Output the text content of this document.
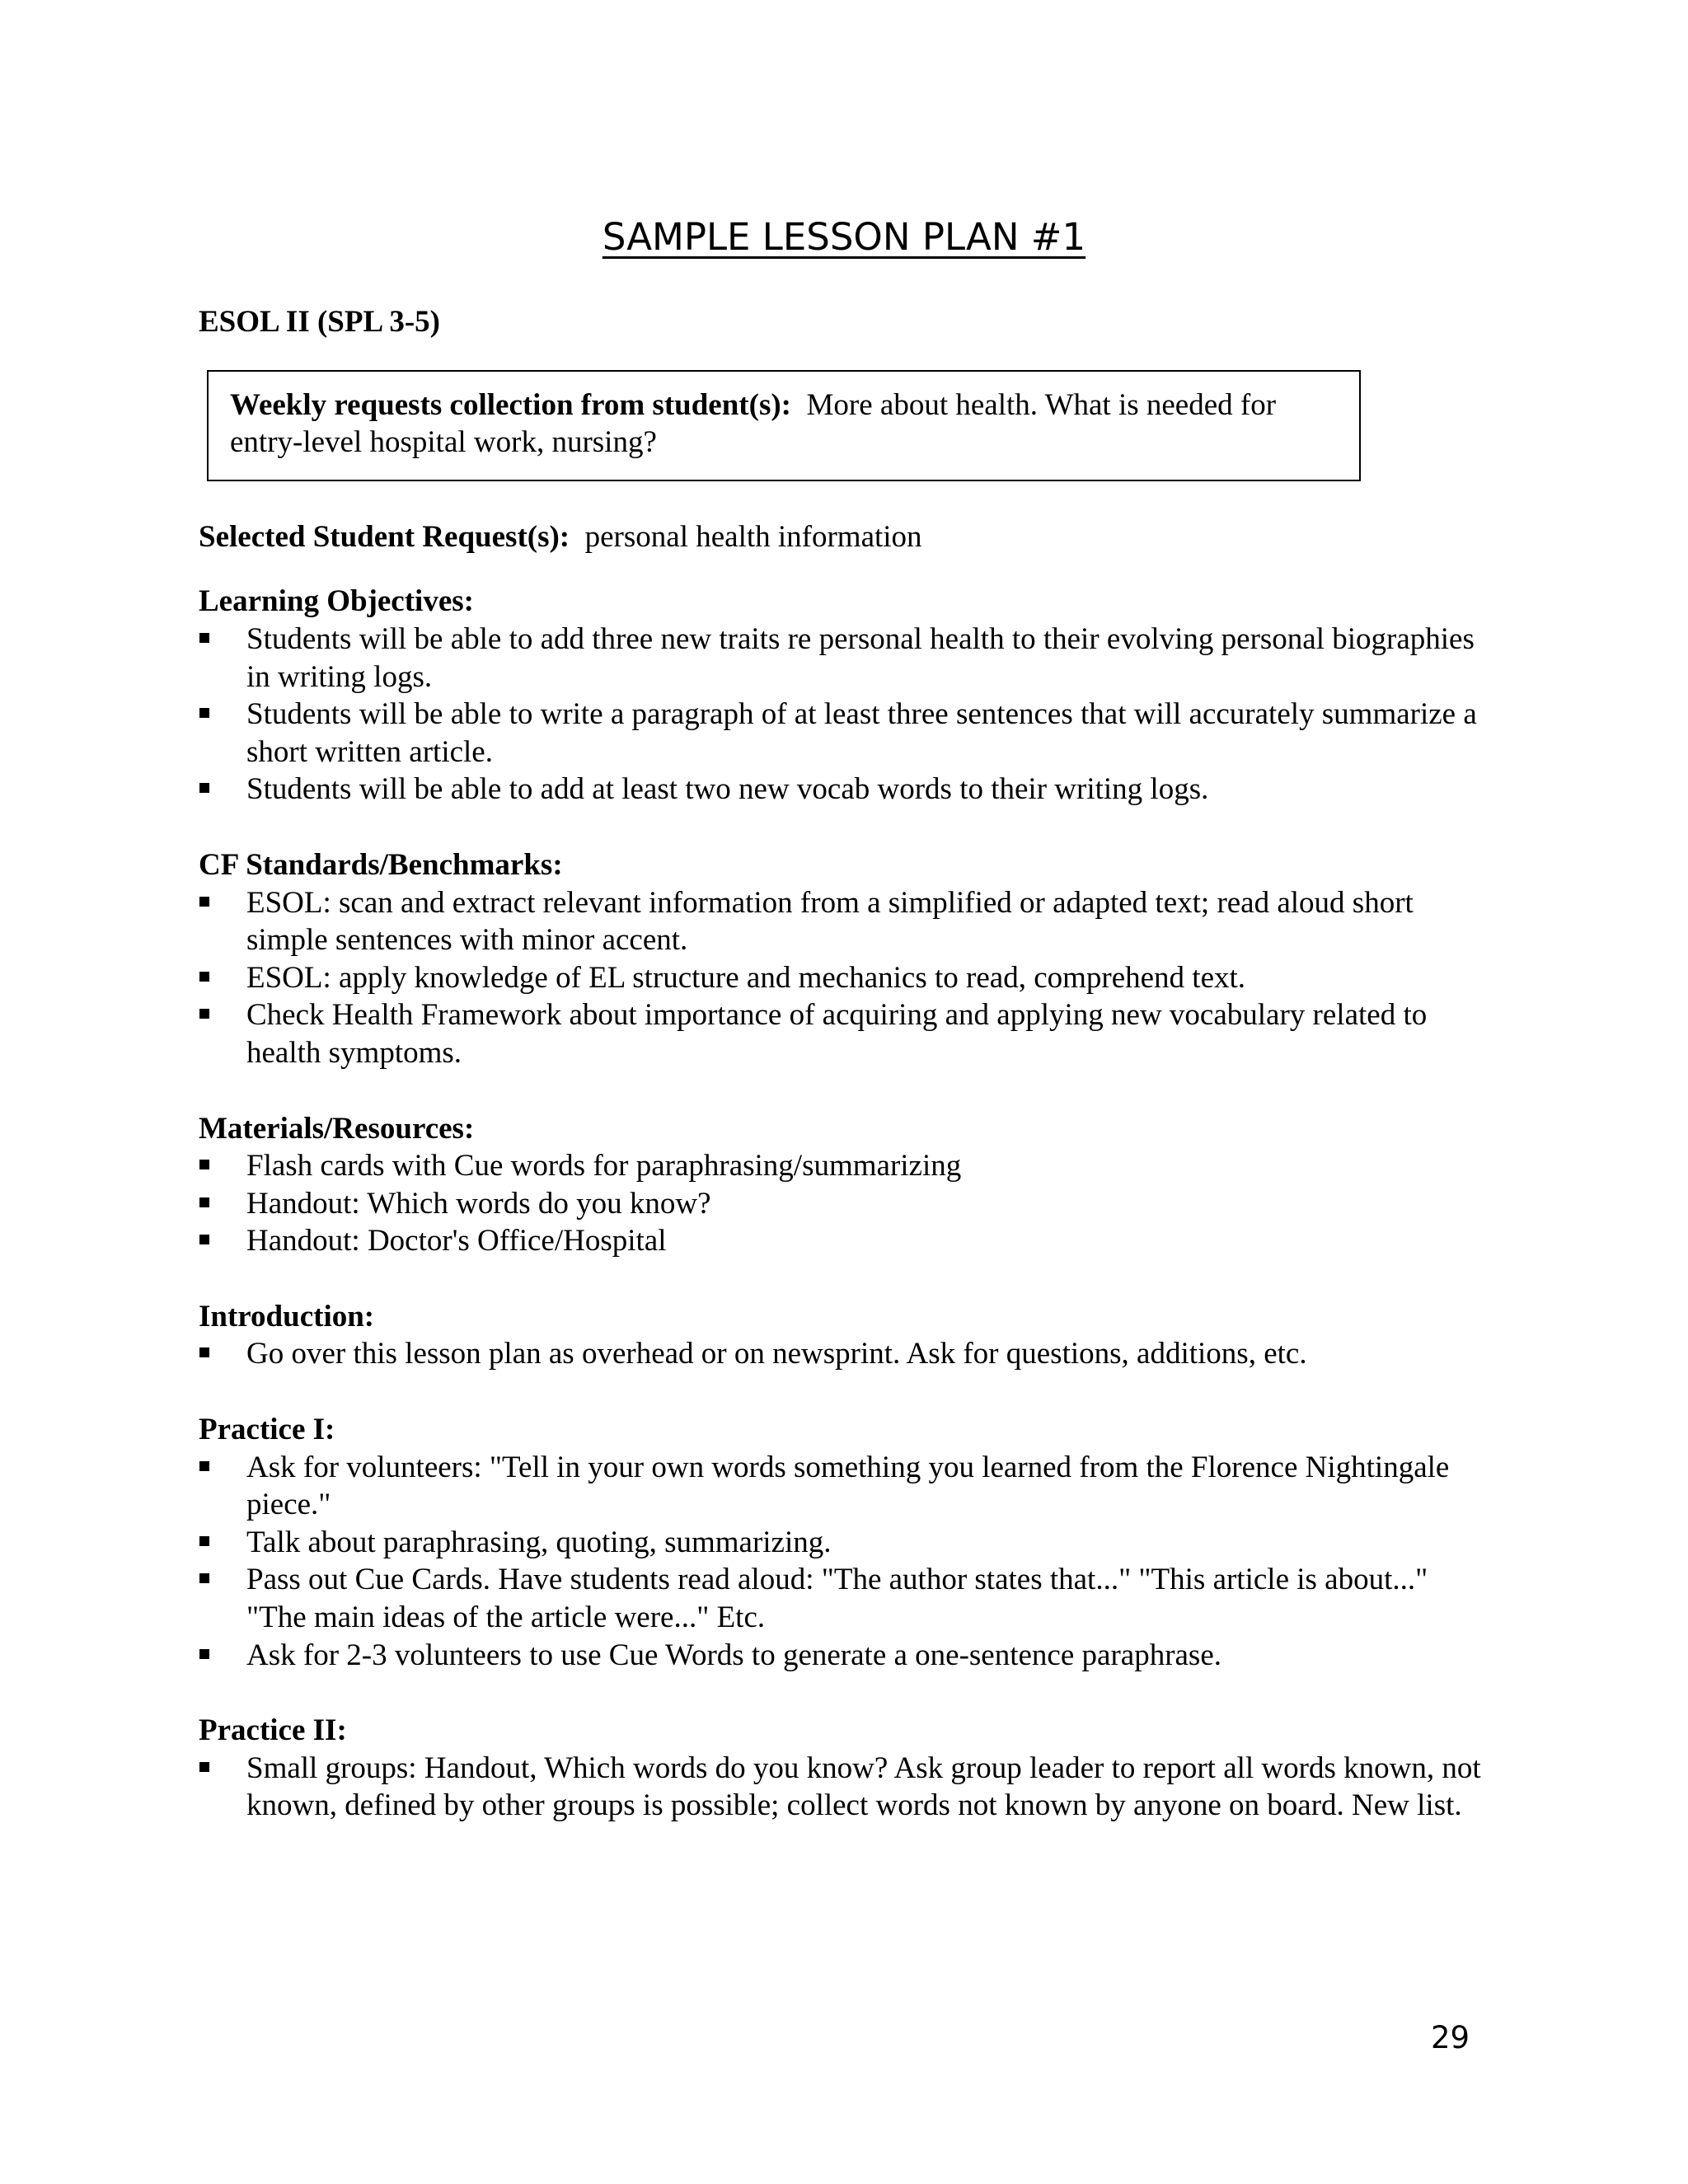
SAMPLE LESSON PLAN #1
ESOL II (SPL 3-5)
Weekly requests collection from student(s): More about health. What is needed for entry-level hospital work, nursing?
Selected Student Request(s): personal health information
Learning Objectives:
Students will be able to add three new traits re personal health to their evolving personal biographies in writing logs.
Students will be able to write a paragraph of at least three sentences that will accurately summarize a short written article.
Students will be able to add at least two new vocab words to their writing logs.
CF Standards/Benchmarks:
ESOL: scan and extract relevant information from a simplified or adapted text; read aloud short simple sentences with minor accent.
ESOL: apply knowledge of EL structure and mechanics to read, comprehend text.
Check Health Framework about importance of acquiring and applying new vocabulary related to health symptoms.
Materials/Resources:
Flash cards with Cue words for paraphrasing/summarizing
Handout: Which words do you know?
Handout: Doctor's Office/Hospital
Introduction:
Go over this lesson plan as overhead or on newsprint. Ask for questions, additions, etc.
Practice I:
Ask for volunteers: "Tell in your own words something you learned from the Florence Nightingale piece."
Talk about paraphrasing, quoting, summarizing.
Pass out Cue Cards. Have students read aloud: "The author states that..." "This article is about..." "The main ideas of the article were..." Etc.
Ask for 2-3 volunteers to use Cue Words to generate a one-sentence paraphrase.
Practice II:
Small groups: Handout, Which words do you know? Ask group leader to report all words known, not known, defined by other groups is possible; collect words not known by anyone on board. New list.
29
